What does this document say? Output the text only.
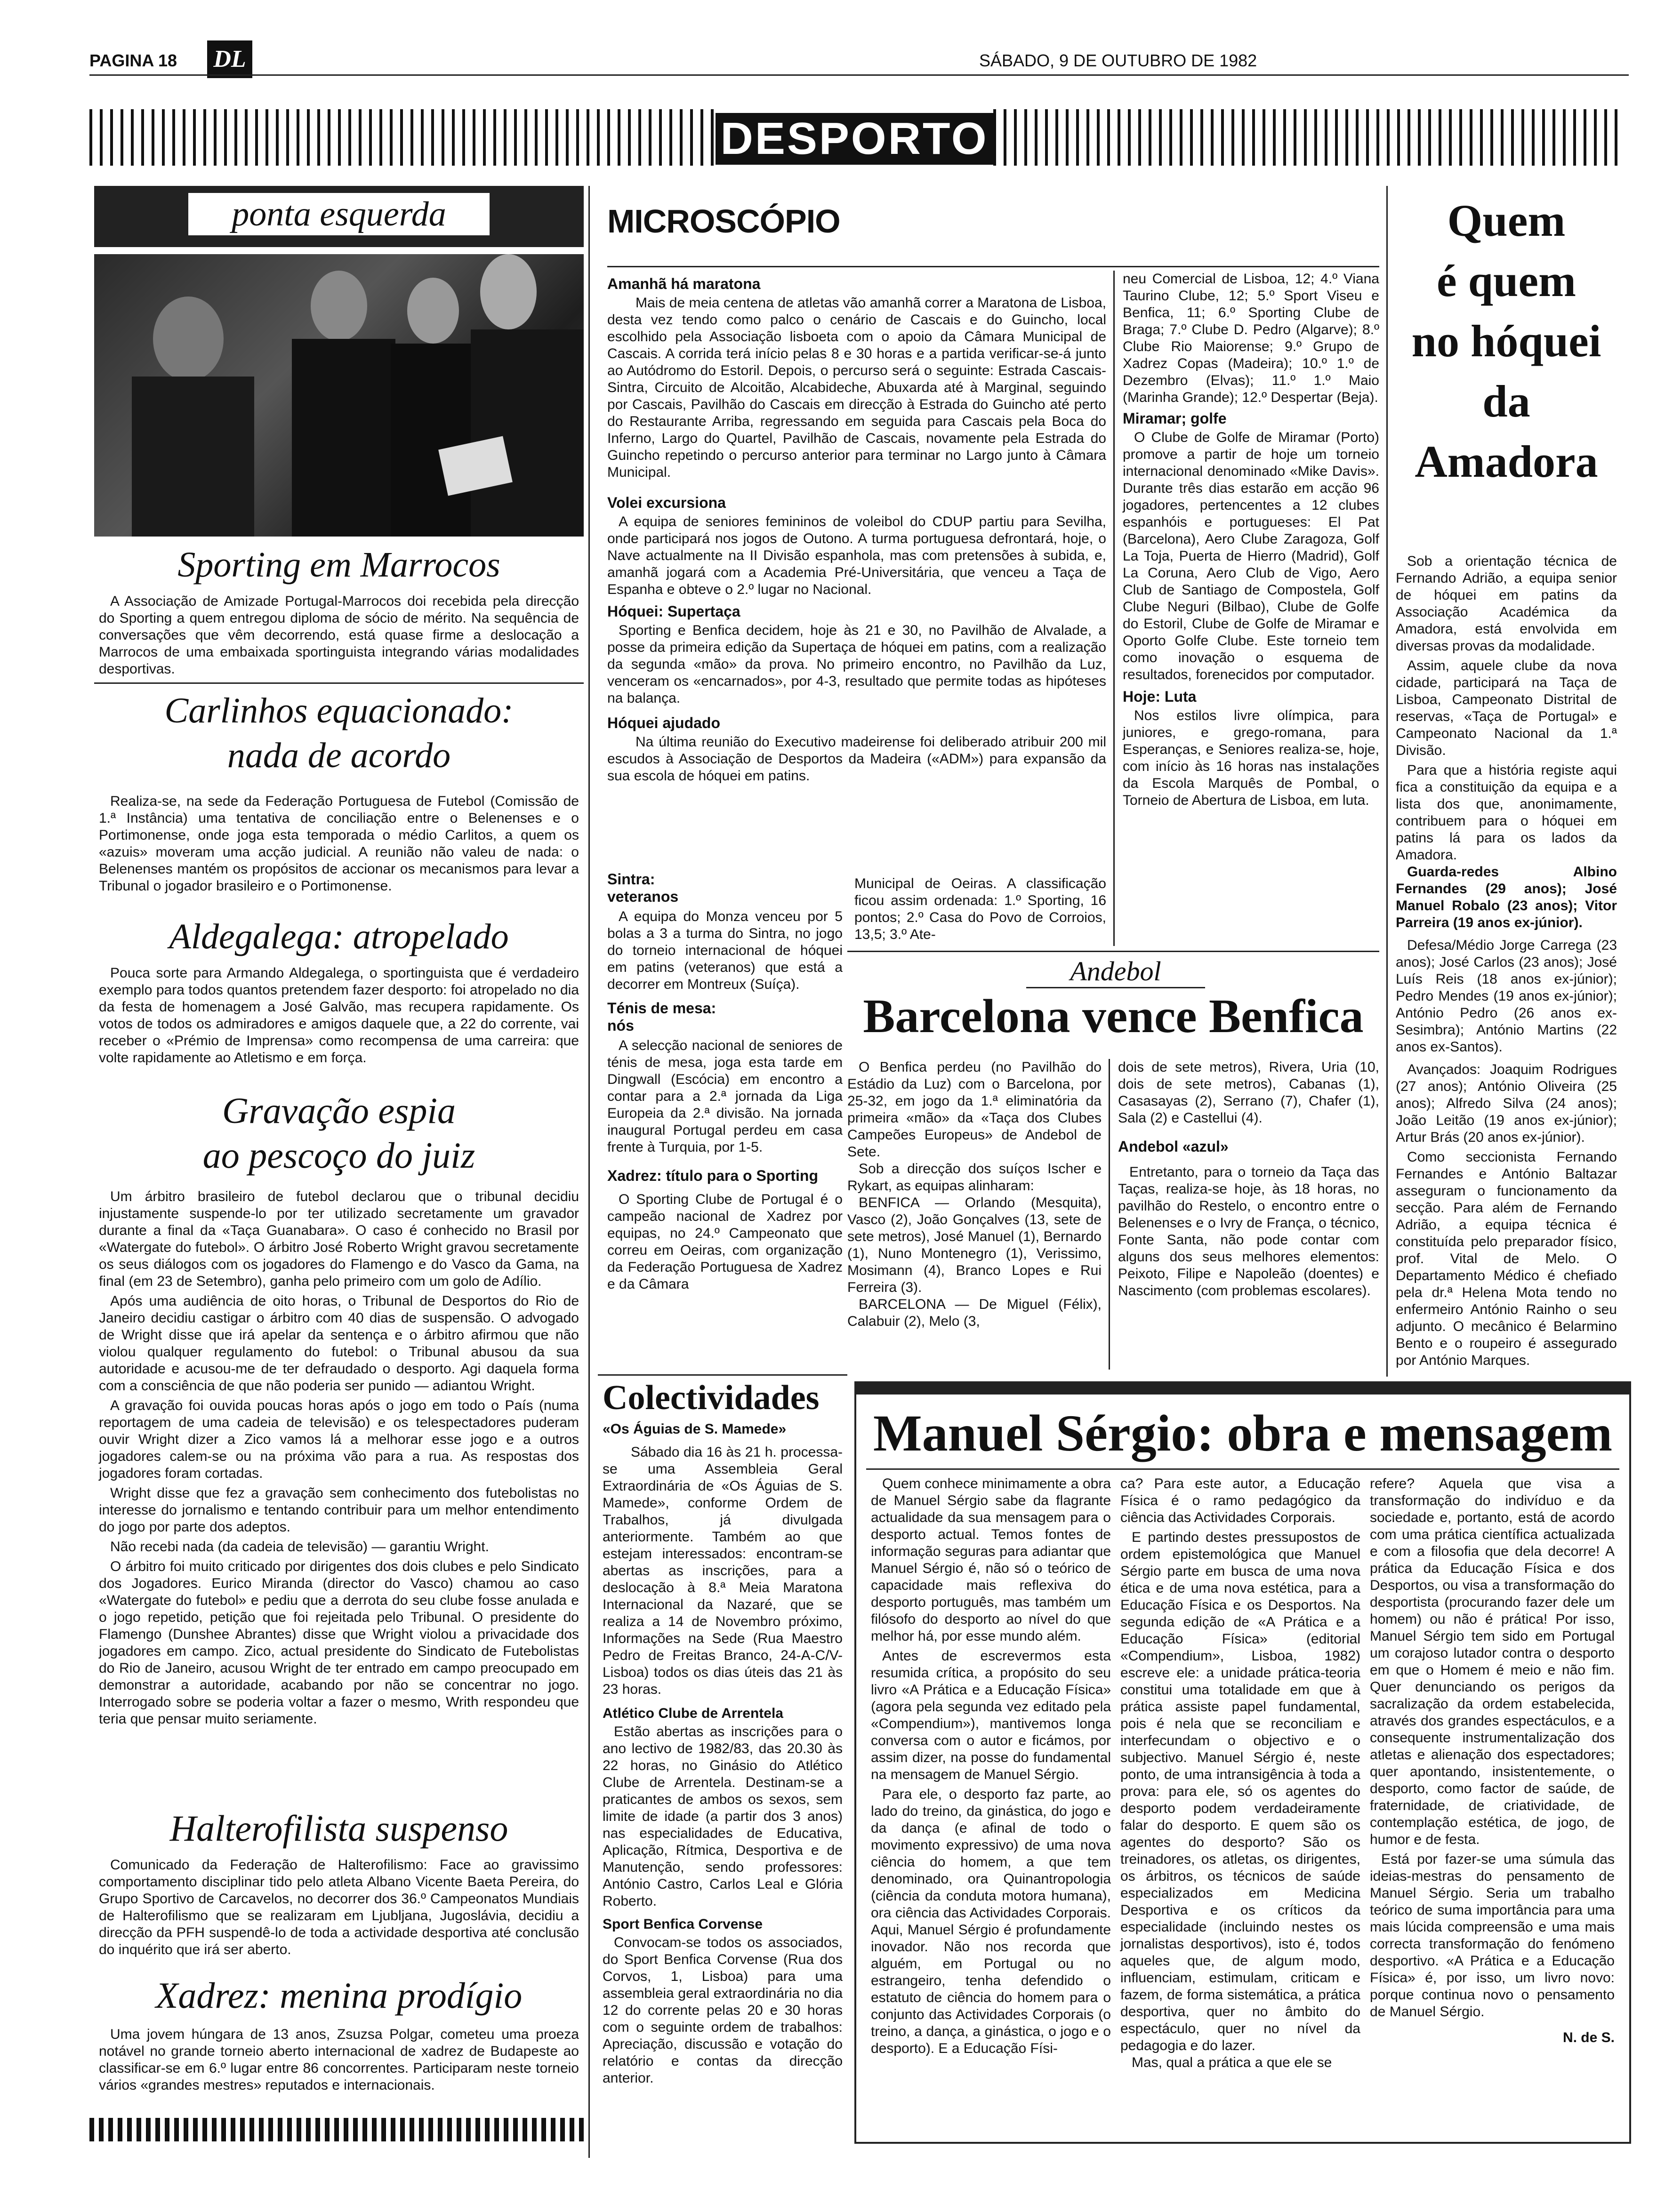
PAGINA 18 DL	SÁBADO, 9 DE OUTUBRO DE 1982
DESPORTO
ponta esquerda
Sporting em Marrocos
A Associação de Amizade Portugal-Marrocos doi recebida pela direcção do Sporting a quem entregou diploma de sócio de mérito. Na sequência de conversações que vêm decorrendo, está quase firme a deslocação a Marrocos de uma embaixada sportinguista integrando várias modalidades desportivas.
Carlinhos equacionado:
nada de acordo
Realiza-se, na sede da Federação Portuguesa de Futebol (Comissão de 1.ª Instância) uma tentativa de conciliação entre o Belenenses e o Portimonense, onde joga esta temporada o médio Carlitos, a quem os «azuis» moveram uma acção judicial. A reunião não valeu de nada: o Belenenses mantém os propósitos de accionar os mecanismos para levar a Tribunal o jogador brasileiro e o Portimonense.
Aldegalega: atropelado
Pouca sorte para Armando Aldegalega, o sportinguista que é verdadeiro exemplo para todos quantos pretendem fazer desporto: foi atropelado no dia da festa de homenagem a José Galvão, mas recupera rapidamente. Os votos de todos os admiradores e amigos daquele que, a 22 do corrente, vai receber o «Prémio de Imprensa» como recompensa de uma carreira: que volte rapidamente ao Atletismo e em força.
Gravação espia
ao pescoço do juiz

Um árbitro brasileiro de futebol declarou que o tribunal decidiu injustamente suspende-lo por ter utilizado secretamente um gravador durante a final da «Taça Guanabara». O caso é conhecido no Brasil por «Watergate do futebol». O árbitro José Roberto Wright gravou secretamente os seus diálogos com os jogadores do Flamengo e do Vasco da Gama, na final (em 23 de Setembro), ganha pelo primeiro com um golo de Adílio.

Após uma audiência de oito horas, o Tribunal de Desportos do Rio de Janeiro decidiu castigar o árbitro com 40 dias de suspensão. O advogado de Wright disse que irá apelar da sentença e o árbitro afirmou que não violou qualquer regulamento do futebol: o Tribunal abusou da sua autoridade e acusou-me de ter defraudado o desporto. Agi daquela forma com a consciência de que não poderia ser punido — adiantou Wright.

A gravação foi ouvida poucas horas após o jogo em todo o País (numa reportagem de uma cadeia de televisão) e os telespectadores puderam ouvir Wright dizer a Zico vamos lá a melhorar esse jogo e a outros jogadores calem-se ou na próxima vão para a rua. As respostas dos jogadores foram cortadas.

Wright disse que fez a gravação sem conhecimento dos futebolistas no interesse do jornalismo e tentando contribuir para um melhor entendimento do jogo por parte dos adeptos.

Não recebi nada (da cadeia de televisão) — garantiu Wright.

O árbitro foi muito criticado por dirigentes dos dois clubes e pelo Sindicato dos Jogadores. Eurico Miranda (director do Vasco) chamou ao caso «Watergate do futebol» e pediu que a derrota do seu clube fosse anulada e o jogo repetido, petição que foi rejeitada pelo Tribunal. O presidente do Flamengo (Dunshee Abrantes) disse que Wright violou a privacidade dos jogadores em campo. Zico, actual presidente do Sindicato de Futebolistas do Rio de Janeiro, acusou Wright de ter entrado em campo preocupado em demonstrar a autoridade, acabando por não se concentrar no jogo. Interrogado sobre se poderia voltar a fazer o mesmo, Writh respondeu que teria que pensar muito seriamente.

Halterofilista suspenso
Comunicado da Federação de Halterofilismo: Face ao gravissimo comportamento disciplinar tido pelo atleta Albano Vicente Baeta Pereira, do Grupo Sportivo de Carcavelos, no decorrer dos 36.º Campeonatos Mundiais de Halterofilismo que se realizaram em Ljubljana, Jugoslávia, decidiu a direcção da PFH suspendê-lo de toda a actividade desportiva até conclusão do inquérito que irá ser aberto.
Xadrez: menina prodígio
Uma jovem húngara de 13 anos, Zsuzsa Polgar, cometeu uma proeza notável no grande torneio aberto internacional de xadrez de Budapeste ao classificar-se em 6.º lugar entre 86 concorrentes. Participaram neste torneio vários «grandes mestres» reputados e internacionais.
MICROSCÓPIO
Amanhã há maratona
Mais de meia centena de atletas vão amanhã correr a Maratona de Lisboa, desta vez tendo como palco o cenário de Cascais e do Guincho, local escolhido pela Associação lisboeta com o apoio da Câmara Municipal de Cascais. A corrida terá início pelas 8 e 30 horas e a partida verificar-se-á junto ao Autódromo do Estoril. Depois, o percurso será o seguinte: Estrada Cascais-Sintra, Circuito de Alcoitão, Alcabideche, Abuxarda até à Marginal, seguindo por Cascais, Pavilhão do Cascais em direcção à Estrada do Guincho até perto do Restaurante Arriba, regressando em seguida para Cascais pela Boca do Inferno, Largo do Quartel, Pavilhão de Cascais, novamente pela Estrada do Guincho repetindo o percurso anterior para terminar no Largo junto à Câmara Municipal.
Volei excursiona
A equipa de seniores femininos de voleibol do CDUP partiu para Sevilha, onde participará nos jogos de Outono. A turma portuguesa defrontará, hoje, o Nave actualmente na II Divisão espanhola, mas com pretensões à subida, e, amanhã jogará com a Academia Pré-Universitária, que venceu a Taça de Espanha e obteve o 2.º lugar no Nacional.
Hóquei: Supertaça
Sporting e Benfica decidem, hoje às 21 e 30, no Pavilhão de Alvalade, a posse da primeira edição da Supertaça de hóquei em patins, com a realização da segunda «mão» da prova. No primeiro encontro, no Pavilhão da Luz, venceram os «encarnados», por 4-3, resultado que permite todas as hipóteses na balança.
Hóquei ajudado
Na última reunião do Executivo madeirense foi deliberado atribuir 200 mil escudos à Associação de Desportos da Madeira («ADM») para expansão da sua escola de hóquei em patins.
Sintra:
veteranos
A equipa do Monza venceu por 5 bolas a 3 a turma do Sintra, no jogo do torneio internacional de hóquei em patins (veteranos) que está a decorrer em Montreux (Suíça).
Ténis de mesa:
nós
A selecção nacional de seniores de ténis de mesa, joga esta tarde em Dingwall (Escócia) em encontro a contar para a 2.ª jornada da Liga Europeia da 2.ª divisão. Na jornada inaugural Portugal perdeu em casa frente à Turquia, por 1-5.
Xadrez: título para o Sporting
O Sporting Clube de Portugal é o campeão nacional de Xadrez por equipas, no 24.º Campeonato que correu em Oeiras, com organização da Federação Portuguesa de Xadrez e da Câmara
Municipal de Oeiras. A classificação ficou assim ordenada: 1.º Sporting, 16 pontos; 2.º Casa do Povo de Corroios, 13,5; 3.º Ate-
neu Comercial de Lisboa, 12; 4.º Viana Taurino Clube, 12; 5.º Sport Viseu e Benfica, 11; 6.º Sporting Clube de Braga; 7.º Clube D. Pedro (Algarve); 8.º Clube Rio Maiorense; 9.º Grupo de Xadrez Copas (Madeira); 10.º 1.º de Dezembro (Elvas); 11.º 1.º Maio (Marinha Grande); 12.º Despertar (Beja).
Miramar; golfe
O Clube de Golfe de Miramar (Porto) promove a partir de hoje um torneio internacional denominado «Mike Davis». Durante três dias estarão em acção 96 jogadores, pertencentes a 12 clubes espanhóis e portugueses: El Pat (Barcelona), Aero Clube Zaragoza, Golf La Toja, Puerta de Hierro (Madrid), Golf La Coruna, Aero Club de Vigo, Aero Club de Santiago de Compostela, Golf Clube Neguri (Bilbao), Clube de Golfe do Estoril, Clube de Golfe de Miramar e Oporto Golfe Clube. Este torneio tem como inovação o esquema de resultados, forenecidos por computador.
Hoje: Luta
Nos estilos livre olímpica, para juniores, e grego-romana, para Esperanças, e Seniores realiza-se, hoje, com início às 16 horas nas instalações da Escola Marquês de Pombal, o Torneio de Abertura de Lisboa, em luta.
Andebol
Barcelona vence Benfica
O Benfica perdeu (no Pavilhão do Estádio da Luz) com o Barcelona, por 25-32, em jogo da 1.ª eliminatória da primeira «mão» da «Taça dos Clubes Campeões Europeus» de Andebol de Sete.
Sob a direcção dos suíços Ischer e Rykart, as equipas alinharam:
BENFICA — Orlando (Mesquita), Vasco (2), João Gonçalves (13, sete de sete metros), José Manuel (1), Bernardo (1), Nuno Montenegro (1), Verissimo, Mosimann (4), Branco Lopes e Rui Ferreira (3).
BARCELONA — De Miguel (Félix), Calabuir (2), Melo (3,
dois de sete metros), Rivera, Uria (10, dois de sete metros), Cabanas (1), Casasayas (2), Serrano (7), Chafer (1), Sala (2) e Castellui (4).
Andebol «azul»
Entretanto, para o torneio da Taça das Taças, realiza-se hoje, às 18 horas, no pavilhão do Restelo, o encontro entre o Belenenses e o Ivry de França, o técnico, Fonte Santa, não pode contar com alguns dos seus melhores elementos: Peixoto, Filipe e Napoleão (doentes) e Nascimento (com problemas escolares).
Colectividades
«Os Águias de S. Mamede»
Sábado dia 16 às 21 h. processa-se uma Assembleia Geral Extraordinária de «Os Águias de S. Mamede», conforme Ordem de Trabalhos, já divulgada anteriormente. Também ao que estejam interessados: encontram-se abertas as inscrições, para a deslocação à 8.ª Meia Maratona Internacional da Nazaré, que se realiza a 14 de Novembro próximo, Informações na Sede (Rua Maestro Pedro de Freitas Branco, 24-A-C/V-Lisboa) todos os dias úteis das 21 às 23 horas.
Atlético Clube de Arrentela
Estão abertas as inscrições para o ano lectivo de 1982/83, das 20.30 às 22 horas, no Ginásio do Atlético Clube de Arrentela. Destinam-se a praticantes de ambos os sexos, sem limite de idade (a partir dos 3 anos) nas especialidades de Educativa, Aplicação, Rítmica, Desportiva e de Manutenção, sendo professores: António Castro, Carlos Leal e Glória Roberto.
Sport Benfica Corvense
Convocam-se todos os associados, do Sport Benfica Corvense (Rua dos Corvos, 1, Lisboa) para uma assembleia geral extraordinária no dia 12 do corrente pelas 20 e 30 horas com o seguinte ordem de trabalhos: Apreciação, discussão e votação do relatório e contas da direcção anterior.
Manuel Sérgio: obra e mensagem
Quem conhece minimamente a obra de Manuel Sérgio sabe da flagrante actualidade da sua mensagem para o desporto actual. Temos fontes de informação seguras para adiantar que Manuel Sérgio é, não só o teórico de capacidade mais reflexiva do desporto português, mas também um filósofo do desporto ao nível do que melhor há, por esse mundo além.
Antes de escrevermos esta resumida crítica, a propósito do seu livro «A Prática e a Educação Física» (agora pela segunda vez editado pela «Compendium»), mantivemos longa conversa com o autor e ficámos, por assim dizer, na posse do fundamental na mensagem de Manuel Sérgio.
Para ele, o desporto faz parte, ao lado do treino, da ginástica, do jogo e da dança (e afinal de todo o movimento expressivo) de uma nova ciência do homem, a que tem denominado, ora Quinantropologia (ciência da conduta motora humana), ora ciência das Actividades Corporais. Aqui, Manuel Sérgio é profundamente inovador. Não nos recorda que alguém, em Portugal ou no estrangeiro, tenha defendido o estatuto de ciência do homem para o conjunto das Actividades Corporais (o treino, a dança, a ginástica, o jogo e o desporto). E a Educação Físi-
ca? Para este autor, a Educação Física é o ramo pedagógico da ciência das Actividades Corporais.
E partindo destes pressupostos de ordem epistemológica que Manuel Sérgio parte em busca de uma nova ética e de uma nova estética, para a Educação Física e os Desportos. Na segunda edição de «A Prática e a Educação Física» (editorial «Compendium», Lisboa, 1982) escreve ele: a unidade prática-teoria constitui uma totalidade em que à prática assiste papel fundamental, pois é nela que se reconciliam e interfecundam o objectivo e o subjectivo. Manuel Sérgio é, neste ponto, de uma intransigência à toda a prova: para ele, só os agentes do desporto podem verdadeiramente falar do desporto. E quem são os agentes do desporto? São os treinadores, os atletas, os dirigentes, os árbitros, os técnicos de saúde especializados em Medicina Desportiva e os críticos da especialidade (incluindo nestes os jornalistas desportivos), isto é, todos aqueles que, de algum modo, influenciam, estimulam, criticam e fazem, de forma sistemática, a prática desportiva, quer no âmbito do espectáculo, quer no nível da pedagogia e do lazer.
Mas, qual a prática a que ele se
refere? Aquela que visa a transformação do indivíduo e da sociedade e, portanto, está de acordo com uma prática científica actualizada e com a filosofia que dela decorre! A prática da Educação Física e dos Desportos, ou visa a transformação do desportista (procurando fazer dele um homem) ou não é prática! Por isso, Manuel Sérgio tem sido em Portugal um corajoso lutador contra o desporto em que o Homem é meio e não fim. Quer denunciando os perigos da sacralização da ordem estabelecida, através dos grandes espectáculos, e a consequente instrumentalização dos atletas e alienação dos espectadores; quer apontando, insistentemente, o desporto, como factor de saúde, de fraternidade, de criatividade, de contemplação estética, de jogo, de humor e de festa.
Está por fazer-se uma súmula das ideias-mestras do pensamento de Manuel Sérgio. Seria um trabalho teórico de suma importância para uma mais lúcida compreensão e uma mais correcta transformação do fenómeno desportivo. «A Prática e a Educação Física» é, por isso, um livro novo: porque continua novo o pensamento de Manuel Sérgio.
N. de S.
Quem
é quem
no hóquei
da
Amadora
Sob a orientação técnica de Fernando Adrião, a equipa senior de hóquei em patins da Associação Académica da Amadora, está envolvida em diversas provas da modalidade.
Assim, aquele clube da nova cidade, participará na Taça de Lisboa, Campeonato Distrital de reservas, «Taça de Portugal» e Campeonato Nacional da 1.ª Divisão.
Para que a história registe aqui fica a constituição da equipa e a lista dos que, anonimamente, contribuem para o hóquei em patins lá para os lados da Amadora.
Guarda-redes Albino Fernandes (29 anos); José Manuel Robalo (23 anos); Vitor Parreira (19 anos ex-júnior).
Defesa/Médio Jorge Carrega (23 anos); José Carlos (23 anos); José Luís Reis (18 anos ex-júnior); Pedro Mendes (19 anos ex-júnior); António Pedro (26 anos ex-Sesimbra); António Martins (22 anos ex-Santos).
Avançados: Joaquim Rodrigues (27 anos); António Oliveira (25 anos); Alfredo Silva (24 anos); João Leitão (19 anos ex-júnior); Artur Brás (20 anos ex-júnior).
Como seccionista Fernando Fernandes e António Baltazar asseguram o funcionamento da secção. Para além de Fernando Adrião, a equipa técnica é constituída pelo preparador físico, prof. Vital de Melo. O Departamento Médico é chefiado pela dr.ª Helena Mota tendo no enfermeiro António Rainho o seu adjunto. O mecânico é Belarmino Bento e o roupeiro é assegurado por António Marques.
